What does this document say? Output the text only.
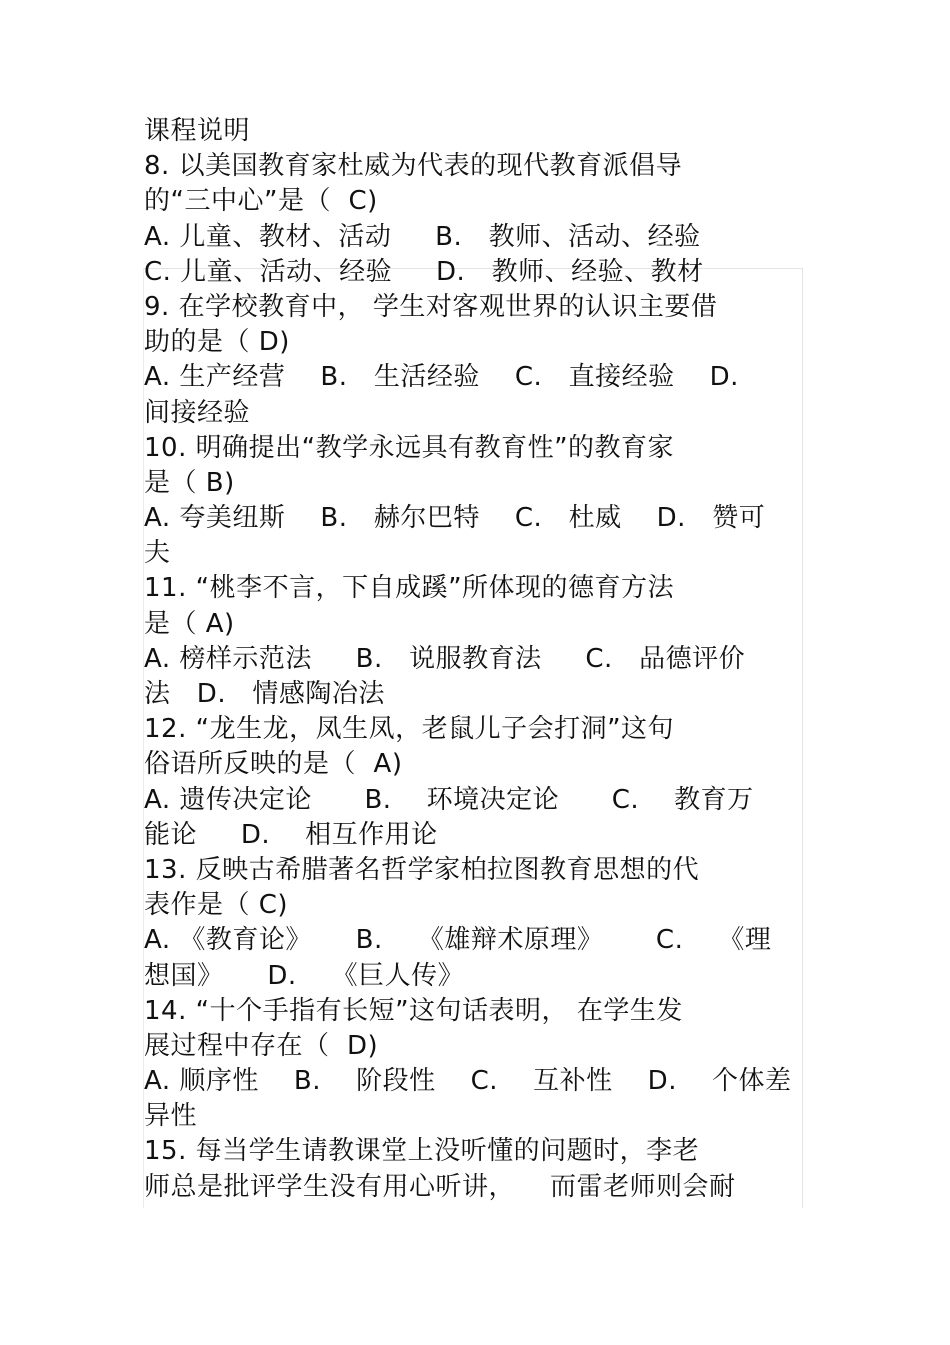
课程说明
8. 以美国教育家杜威为代表的现代教育派倡导
的“三中心”是（  C)
A. 儿童、教材、活动     B.   教师、活动、经验
C. 儿童、活动、经验     D.   教师、经验、教材
9. 在学校教育中， 学生对客观世界的认识主要借
助的是（ D)
A. 生产经营    B.   生活经验    C.   直接经验    D.
间接经验
10. 明确提出“教学永远具有教育性”的教育家
是（ B)
A. 夸美纽斯    B.   赫尔巴特    C.   杜威    D.   赞可
夫
11. “桃李不言，下自成蹊”所体现的德育方法
是（ A)
A. 榜样示范法     B.   说服教育法     C.   品德评价
法   D.   情感陶冶法
12. “龙生龙，凤生凤，老鼠儿子会打洞”这句
俗语所反映的是（  A)
A. 遗传决定论      B.    环境决定论      C.    教育万
能论     D.    相互作用论
13. 反映古希腊著名哲学家柏拉图教育思想的代
表作是（ C)
A. 《教育论》     B.    《雄辩术原理》      C.    《理
想国》     D.    《巨人传》
14. “十个手指有长短”这句话表明， 在学生发
展过程中存在（  D)
A. 顺序性    B.    阶段性    C.    互补性    D.    个体差
异性
15. 每当学生请教课堂上没听懂的问题时，李老
师总是批评学生没有用心听讲，    而雷老师则会耐
